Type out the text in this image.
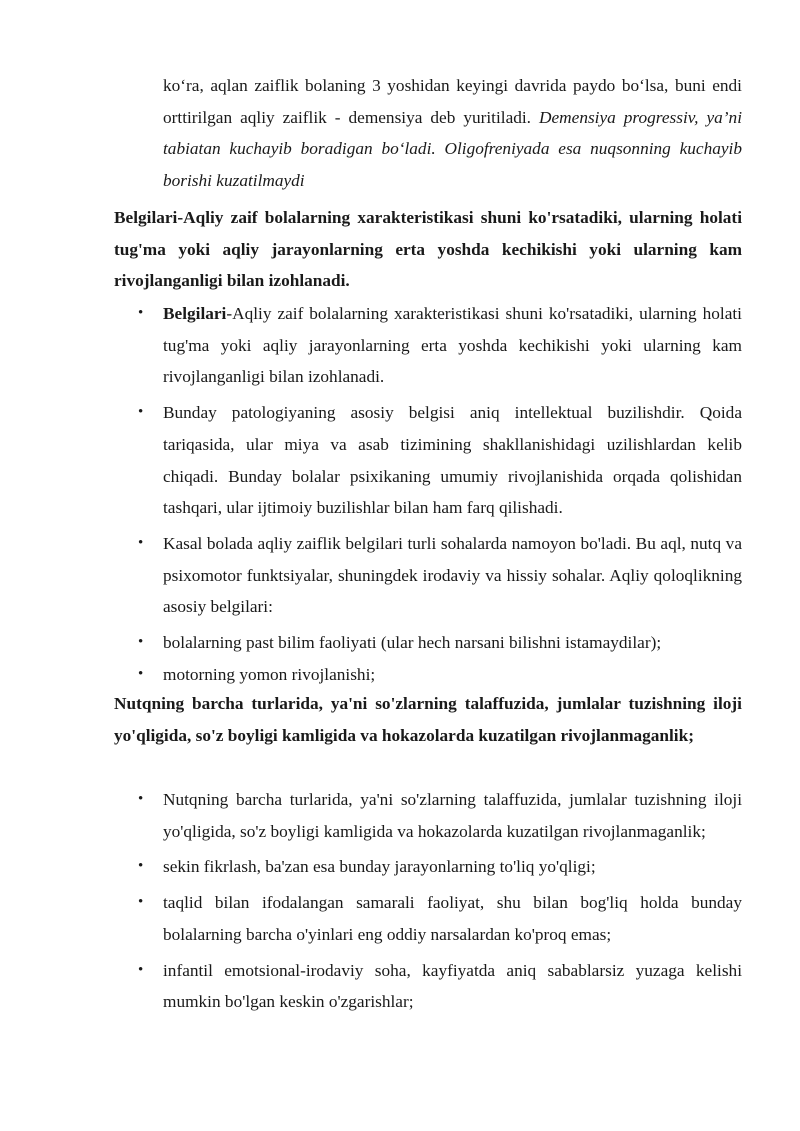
koʻra, aqlan zaiflik bolaning 3 yoshidan keyingi davrida paydo boʻlsa, buni endi orttirilgan aqliy zaiflik - demensiya deb yuritiladi. Demensiya progressiv, ya’ni tabiatan kuchayib boradigan boʻladi. Oligofreniyada esa nuqsonning kuchayib borishi kuzatilmaydi
Belgilari-Aqliy zaif bolalarning xarakteristikasi shuni ko'rsatadiki, ularning holati tug'ma yoki aqliy jarayonlarning erta yoshda kechikishi yoki ularning kam rivojlanganligi bilan izohlanadi.
• Belgilari-Aqliy zaif bolalarning xarakteristikasi shuni ko'rsatadiki, ularning holati tug'ma yoki aqliy jarayonlarning erta yoshda kechikishi yoki ularning kam rivojlanganligi bilan izohlanadi.
• Bunday patologiyaning asosiy belgisi aniq intellektual buzilishdir. Qoida tariqasida, ular miya va asab tizimining shakllanishidagi uzilishlardan kelib chiqadi. Bunday bolalar psixikaning umumiy rivojlanishida orqada qolishidan tashqari, ular ijtimoiy buzilishlar bilan ham farq qilishadi.
• Kasal bolada aqliy zaiflik belgilari turli sohalarda namoyon bo'ladi. Bu aql, nutq va psixomotor funktsiyalar, shuningdek irodaviy va hissiy sohalar. Aqliy qoloqlikning asosiy belgilari:
• bolalarning past bilim faoliyati (ular hech narsani bilishni istamaydilar);
• motorning yomon rivojlanishi;
Nutqning barcha turlarida, ya'ni so'zlarning talaffuzida, jumlalar tuzishning iloji yo'qligida, so'z boyligi kamligida va hokazolarda kuzatilgan rivojlanmaganlik;
• Nutqning barcha turlarida, ya'ni so'zlarning talaffuzida, jumlalar tuzishning iloji yo'qligida, so'z boyligi kamligida va hokazolarda kuzatilgan rivojlanmaganlik;
• sekin fikrlash, ba'zan esa bunday jarayonlarning to'liq yo'qligi;
• taqlid bilan ifodalangan samarali faoliyat, shu bilan bog'liq holda bunday bolalarning barcha o'yinlari eng oddiy narsalardan ko'proq emas;
• infantil emotsional-irodaviy soha, kayfiyatda aniq sabablarsiz yuzaga kelishi mumkin bo'lgan keskin o'zgarishlar;
